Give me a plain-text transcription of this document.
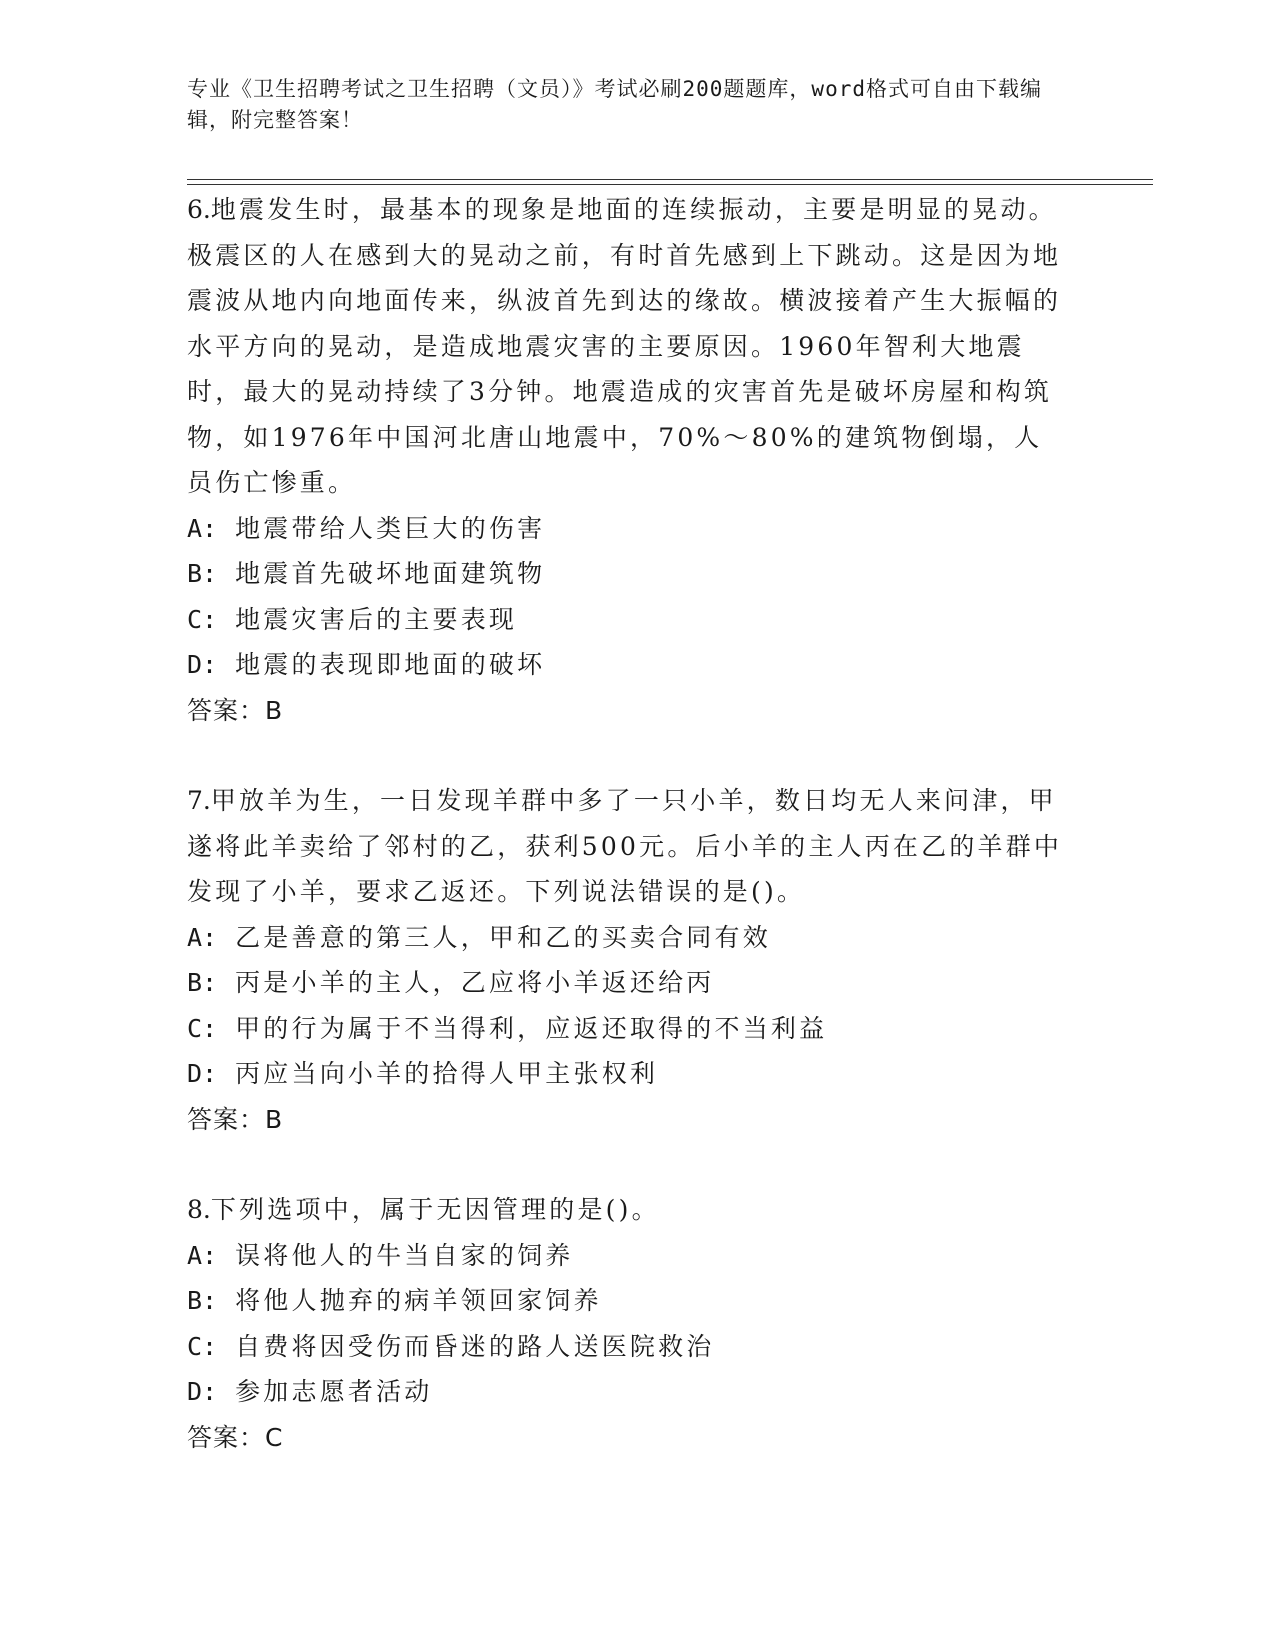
专业《卫生招聘考试之卫生招聘（文员）》考试必刷200题题库，word格式可自由下载编辑，附完整答案！

6.地震发生时，最基本的现象是地面的连续振动，主要是明显的晃动。极震区的人在感到大的晃动之前，有时首先感到上下跳动。这是因为地震波从地内向地面传来，纵波首先到达的缘故。横波接着产生大振幅的水平方向的晃动，是造成地震灾害的主要原因。1960年智利大地震时，最大的晃动持续了3分钟。地震造成的灾害首先是破坏房屋和构筑物，如1976年中国河北唐山地震中，70%～80%的建筑物倒塌，人员伤亡惨重。

A: 地震带给人类巨大的伤害

B: 地震首先破坏地面建筑物

C: 地震灾害后的主要表现

D: 地震的表现即地面的破坏

答案：B

7.甲放羊为生，一日发现羊群中多了一只小羊，数日均无人来问津，甲遂将此羊卖给了邻村的乙，获利500元。后小羊的主人丙在乙的羊群中发现了小羊，要求乙返还。下列说法错误的是()。

A: 乙是善意的第三人，甲和乙的买卖合同有效

B: 丙是小羊的主人，乙应将小羊返还给丙

C: 甲的行为属于不当得利，应返还取得的不当利益

D: 丙应当向小羊的拾得人甲主张权利

答案：B

8.下列选项中，属于无因管理的是()。

A: 误将他人的牛当自家的饲养

B: 将他人抛弃的病羊领回家饲养

C: 自费将因受伤而昏迷的路人送医院救治

D: 参加志愿者活动

答案：C
